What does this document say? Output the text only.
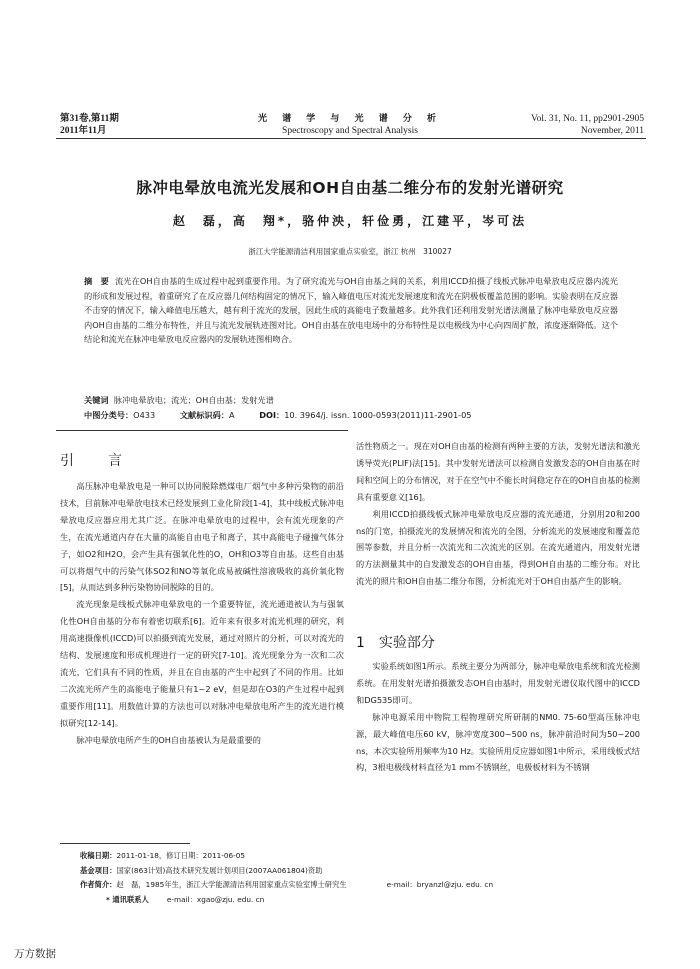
第31卷,第11期
2011年11月
光 谱 学 与 光 谱 分 析
Spectroscopy and Spectral Analysis
Vol. 31, No. 11, pp2901-2905
November, 2011
脉冲电晕放电流光发展和OH自由基二维分布的发射光谱研究
赵　磊，高　翔*，骆仲泱，轩俭勇，江建平，岑可法
浙江大学能源清洁利用国家重点实验室，浙江 杭州　310027
摘　要 流光在OH自由基的生成过程中起到重要作用。为了研究流光与OH自由基之间的关系，利用ICCD拍摄了线板式脉冲电晕放电反应器内流光的形成和发展过程，着重研究了在反应器几何结构固定的情况下，输入峰值电压对流光发展速度和流光在阴极板覆盖范围的影响。实验表明在反应器不击穿的情况下，输入峰值电压越大，越有利于流光的发展，因此生成的高能电子数量越多。此外我们还利用发射光谱法测量了脉冲电晕放电反应器内OH自由基的二维分布特性，并且与流光发展轨迹图对比。OH自由基在放电电场中的分布特性是以电极线为中心向四周扩散，浓度逐渐降低。这个结论和流光在脉冲电晕放电反应器内的发展轨迹图相吻合。
关键词 脉冲电晕放电；流光；OH自由基；发射光谱
中图分类号：O433	文献标识码：A	DOI：10. 3964/j. issn. 1000-0593(2011)11-2901-05
引　言

高压脉冲电晕放电是一种可以协同脱除燃煤电厂烟气中多种污染物的前沿技术，目前脉冲电晕放电技术已经发展到工业化阶段[1-4]，其中线板式脉冲电晕放电反应器应用尤其广泛。在脉冲电晕放电的过程中，会有流光现象的产生，在流光通道内存在大量的高能自由电子和离子，其中高能电子碰撞气体分子，如O2和H2O，会产生具有强氧化性的O，OH和O3等自由基。这些自由基可以将烟气中的污染气体SO2和NO等氧化成易被碱性溶液吸收的高价氧化物[5]，从而达到多种污染物协同脱除的目的。

流光现象是线板式脉冲电晕放电的一个重要特征，流光通道被认为与强氧化性OH自由基的分布有着密切联系[6]。近年来有很多对流光机理的研究，利用高速摄像机(ICCD)可以拍摄到流光发展，通过对照片的分析，可以对流光的结构、发展速度和形成机理进行一定的研究[7-10]。流光现象分为一次和二次流光，它们具有不同的性质，并且在自由基的产生中起到了不同的作用。比如二次流光所产生的高能电子能量只有1~2 eV，但是却在O3的产生过程中起到重要作用[11]。用数值计算的方法也可以对脉冲电晕放电所产生的流光进行模拟研究[12-14]。

脉冲电晕放电所产生的OH自由基被认为是最重要的

活性物质之一。现在对OH自由基的检测有两种主要的方法，发射光谱法和激光诱导荧光(PLIF)法[15]。其中发射光谱法可以检测自发激发态的OH自由基在时间和空间上的分布情况，对于在空气中不能长时间稳定存在的OH自由基的检测具有重要意义[16]。

利用ICCD拍摄线板式脉冲电晕放电反应器的流光通道，分别用20和200 ns的门宽，拍摄流光的发展情况和流光的全图，分析流光的发展速度和覆盖范围等参数，并且分析一次流光和二次流光的区别。在流光通道内，用发射光谱的方法测量其中的自发激发态的OH自由基，得到OH自由基的二维分布。对比流光的照片和OH自由基二维分布图，分析流光对于OH自由基产生的影响。

1 实验部分

实验系统如图1所示。系统主要分为两部分，脉冲电晕放电系统和流光检测系统。在用发射光谱拍摄激发态OH自由基时，用发射光谱仪取代图中的ICCD和DG535即可。

脉冲电源采用中物院工程物理研究所研制的NM0. 75-60型高压脉冲电源，最大峰值电压60 kV，脉冲宽度300~500 ns，脉冲前沿时间为50~200 ns，本次实验所用频率为10 Hz。实验所用反应器如图1中所示，采用线板式结构，3根电极线材料直径为1 mm不锈钢丝，电极板材料为不锈钢

收稿日期：2011-01-18，修订日期：2011-06-05
基金项目：国家(863计划)高技术研究发展计划项目(2007AA061804)资助
作者简介：赵　磊，1985年生，浙江大学能源清洁利用国家重点实验室博士研究生	e-mail：bryanzl@zju. edu. cn
* 通讯联系人 e-mail：xgao@zju. edu. cn
万方数据
